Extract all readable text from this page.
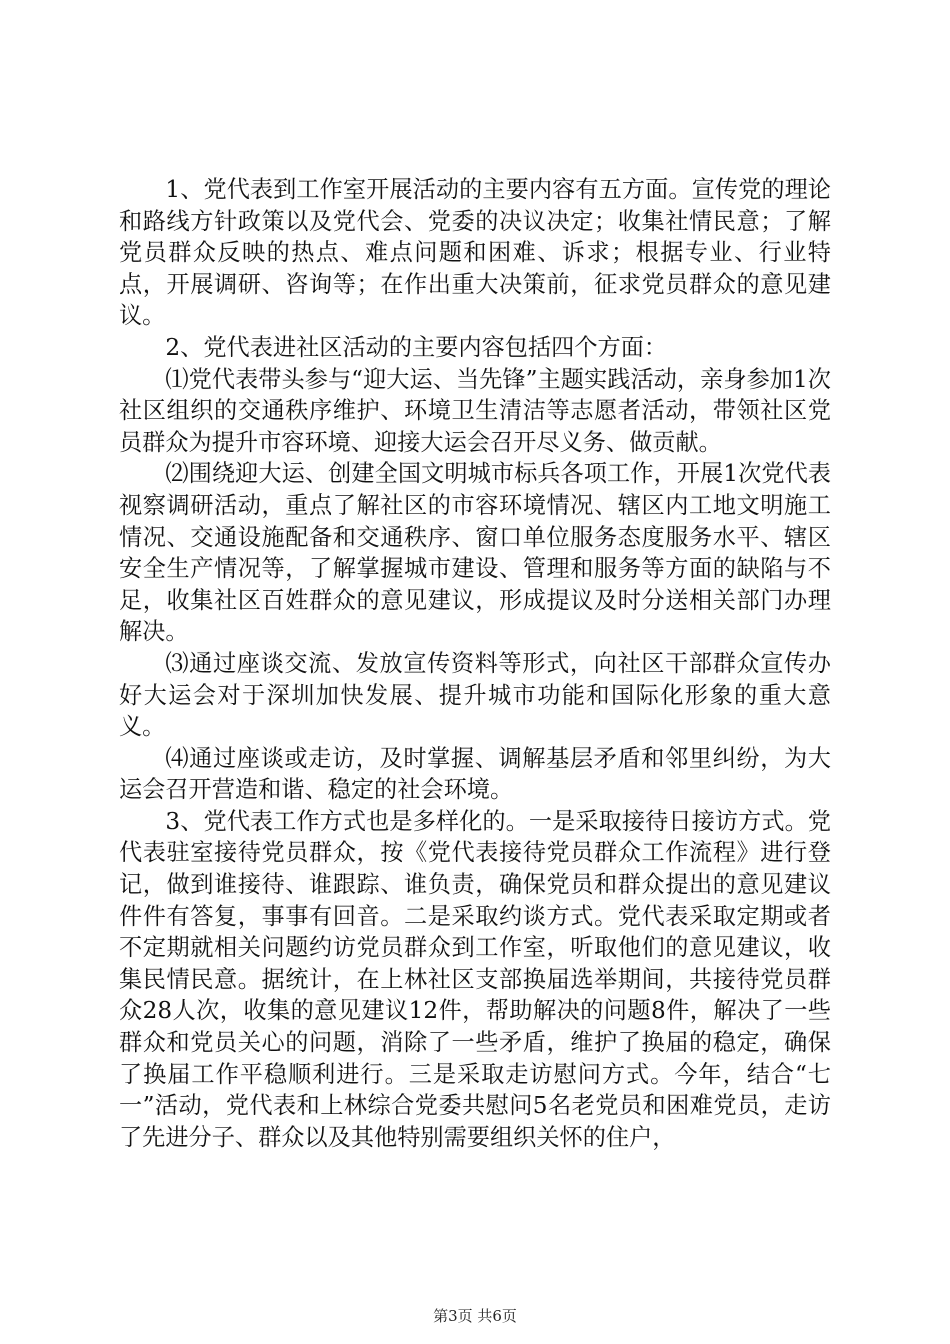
1、党代表到工作室开展活动的主要内容有五方面。宣传党的理论和路线方针政策以及党代会、党委的决议决定；收集社情民意；了解党员群众反映的热点、难点问题和困难、诉求；根据专业、行业特点，开展调研、咨询等；在作出重大决策前，征求党员群众的意见建议。

2、党代表进社区活动的主要内容包括四个方面：

⑴党代表带头参与“迎大运、当先锋”主题实践活动，亲身参加1次社区组织的交通秩序维护、环境卫生清洁等志愿者活动，带领社区党员群众为提升市容环境、迎接大运会召开尽义务、做贡献。

⑵围绕迎大运、创建全国文明城市标兵各项工作，开展1次党代表视察调研活动，重点了解社区的市容环境情况、辖区内工地文明施工情况、交通设施配备和交通秩序、窗口单位服务态度服务水平、辖区安全生产情况等，了解掌握城市建设、管理和服务等方面的缺陷与不足，收集社区百姓群众的意见建议，形成提议及时分送相关部门办理解决。

⑶通过座谈交流、发放宣传资料等形式，向社区干部群众宣传办好大运会对于深圳加快发展、提升城市功能和国际化形象的重大意义。

⑷通过座谈或走访，及时掌握、调解基层矛盾和邻里纠纷，为大运会召开营造和谐、稳定的社会环境。

3、党代表工作方式也是多样化的。一是采取接待日接访方式。党代表驻室接待党员群众，按《党代表接待党员群众工作流程》进行登记，做到谁接待、谁跟踪、谁负责，确保党员和群众提出的意见建议件件有答复，事事有回音。二是采取约谈方式。党代表采取定期或者不定期就相关问题约访党员群众到工作室，听取他们的意见建议，收集民情民意。据统计，在上林社区支部换届选举期间，共接待党员群众28人次，收集的意见建议12件，帮助解决的问题8件，解决了一些群众和党员关心的问题，消除了一些矛盾，维护了换届的稳定，确保了换届工作平稳顺利进行。三是采取走访慰问方式。今年，结合“七一”活动，党代表和上林综合党委共慰问5名老党员和困难党员，走访了先进分子、群众以及其他特别需要组织关怀的住户，

第3页 共6页
